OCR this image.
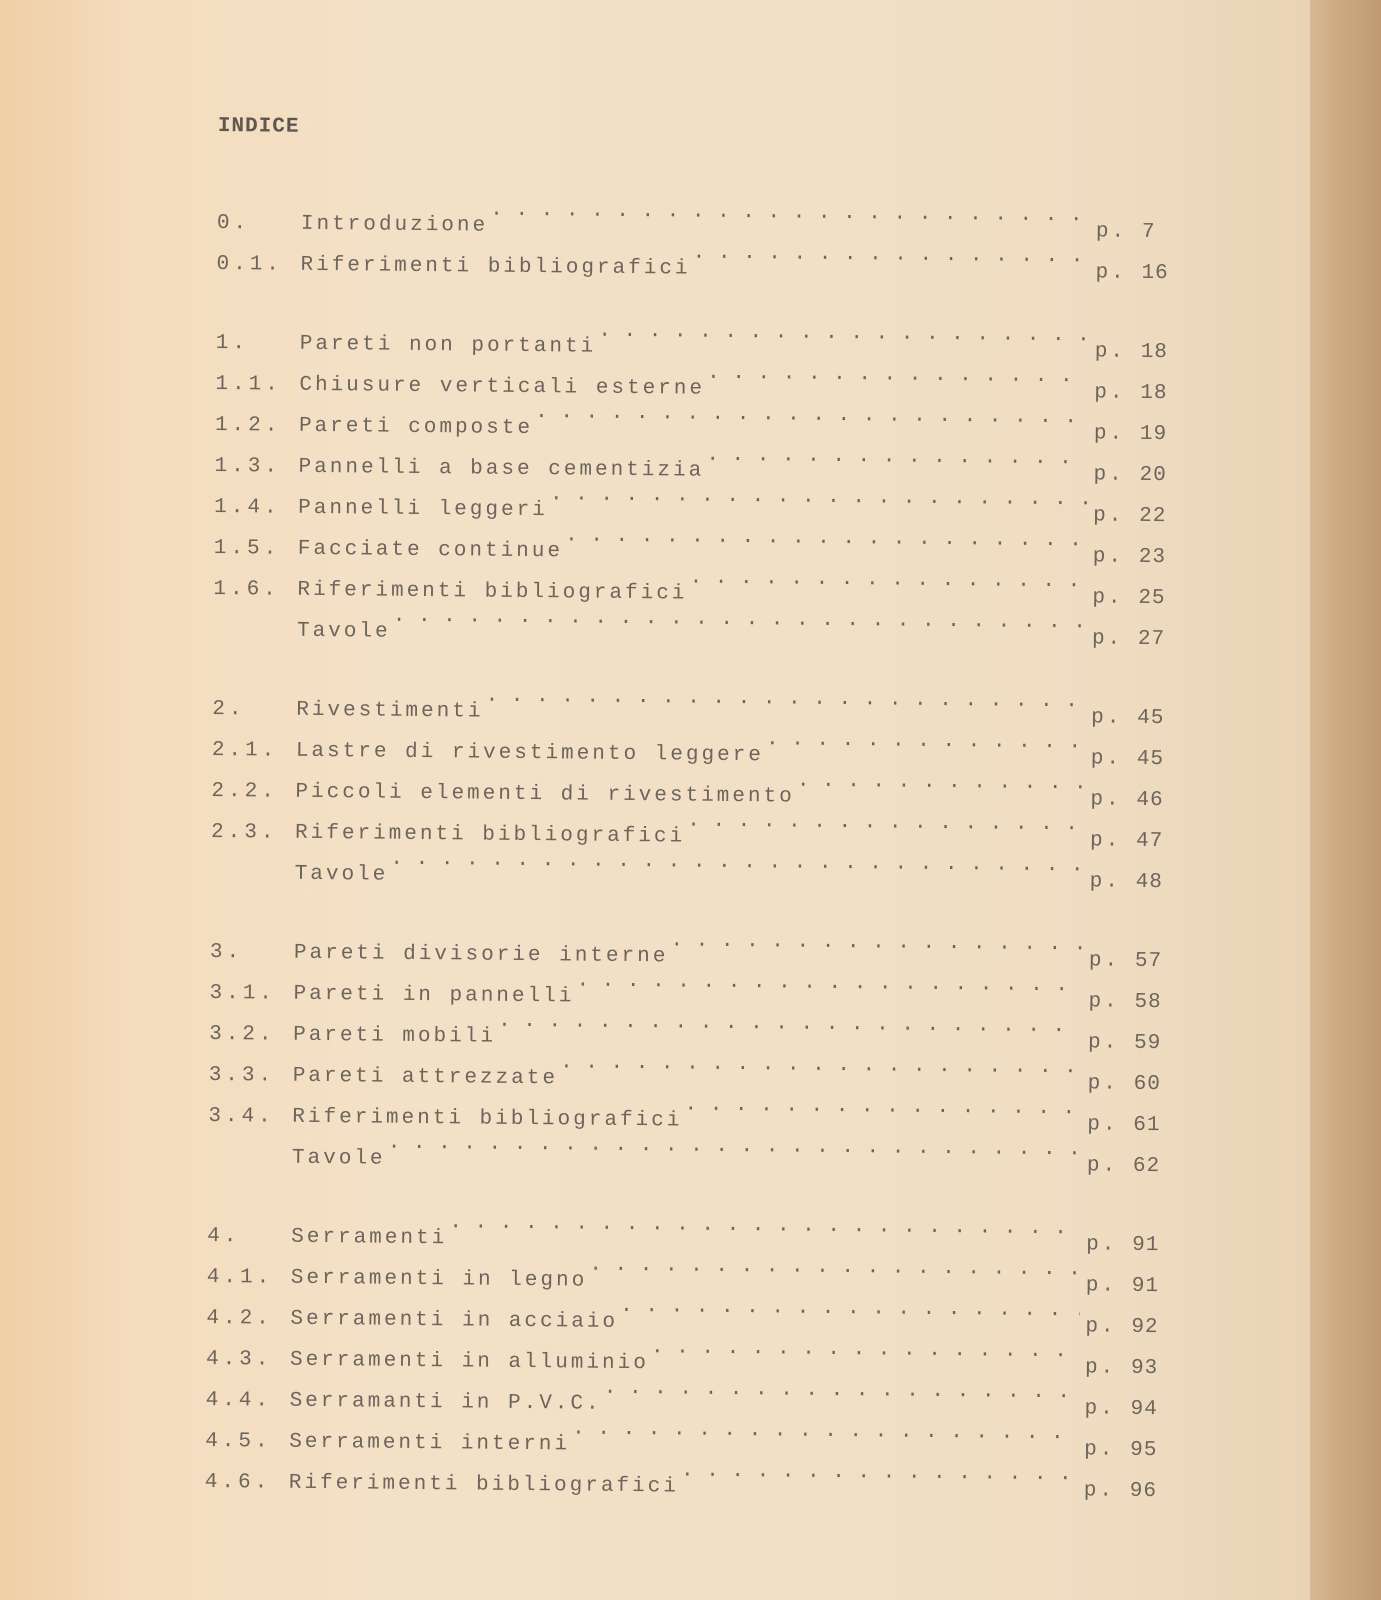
INDICE
0.	Introduzione . . .	p. 7
0.1. Riferimenti bibliografici . . .	p. 16
1.	Pareti non portanti . . .	p. 18
1.1. Chiusure verticali esterne . . .	p. 18
1.2. Pareti composte . . .	p. 19
1.3. Pannelli a base cementizia . . .	p. 20
1.4. Pannelli leggeri . . .	p. 22
1.5. Facciate continue . . .	p. 23
1.6. Riferimenti bibliografici . . .	p. 25
Tavole . . .	p. 27
2.	Rivestimenti . . .	p. 45
2.1. Lastre di rivestimento leggere . . .	p. 45
2.2. Piccoli elementi di rivestimento . . .	p. 46
2.3. Riferimenti bibliografici . . .	p. 47
Tavole . . .	p. 48
3.	Pareti divisorie interne . . .	p. 57
3.1. Pareti in pannelli . . .	p. 58
3.2. Pareti mobili . . .	p. 59
3.3. Pareti attrezzate . . .	p. 60
3.4. Riferimenti bibliografici . . .	p. 61
Tavole . . .	p. 62
4.	Serramenti . . .	p. 91
4.1. Serramenti in legno . . .	p. 91
4.2. Serramenti in acciaio . . .	p. 92
4.3. Serramenti in alluminio . . .	p. 93
4.4. Serramanti in P.V.C. . . .	p. 94
4.5. Serramenti interni . . .	p. 95
4.6. Riferimenti bibliografici . . .	p. 96
